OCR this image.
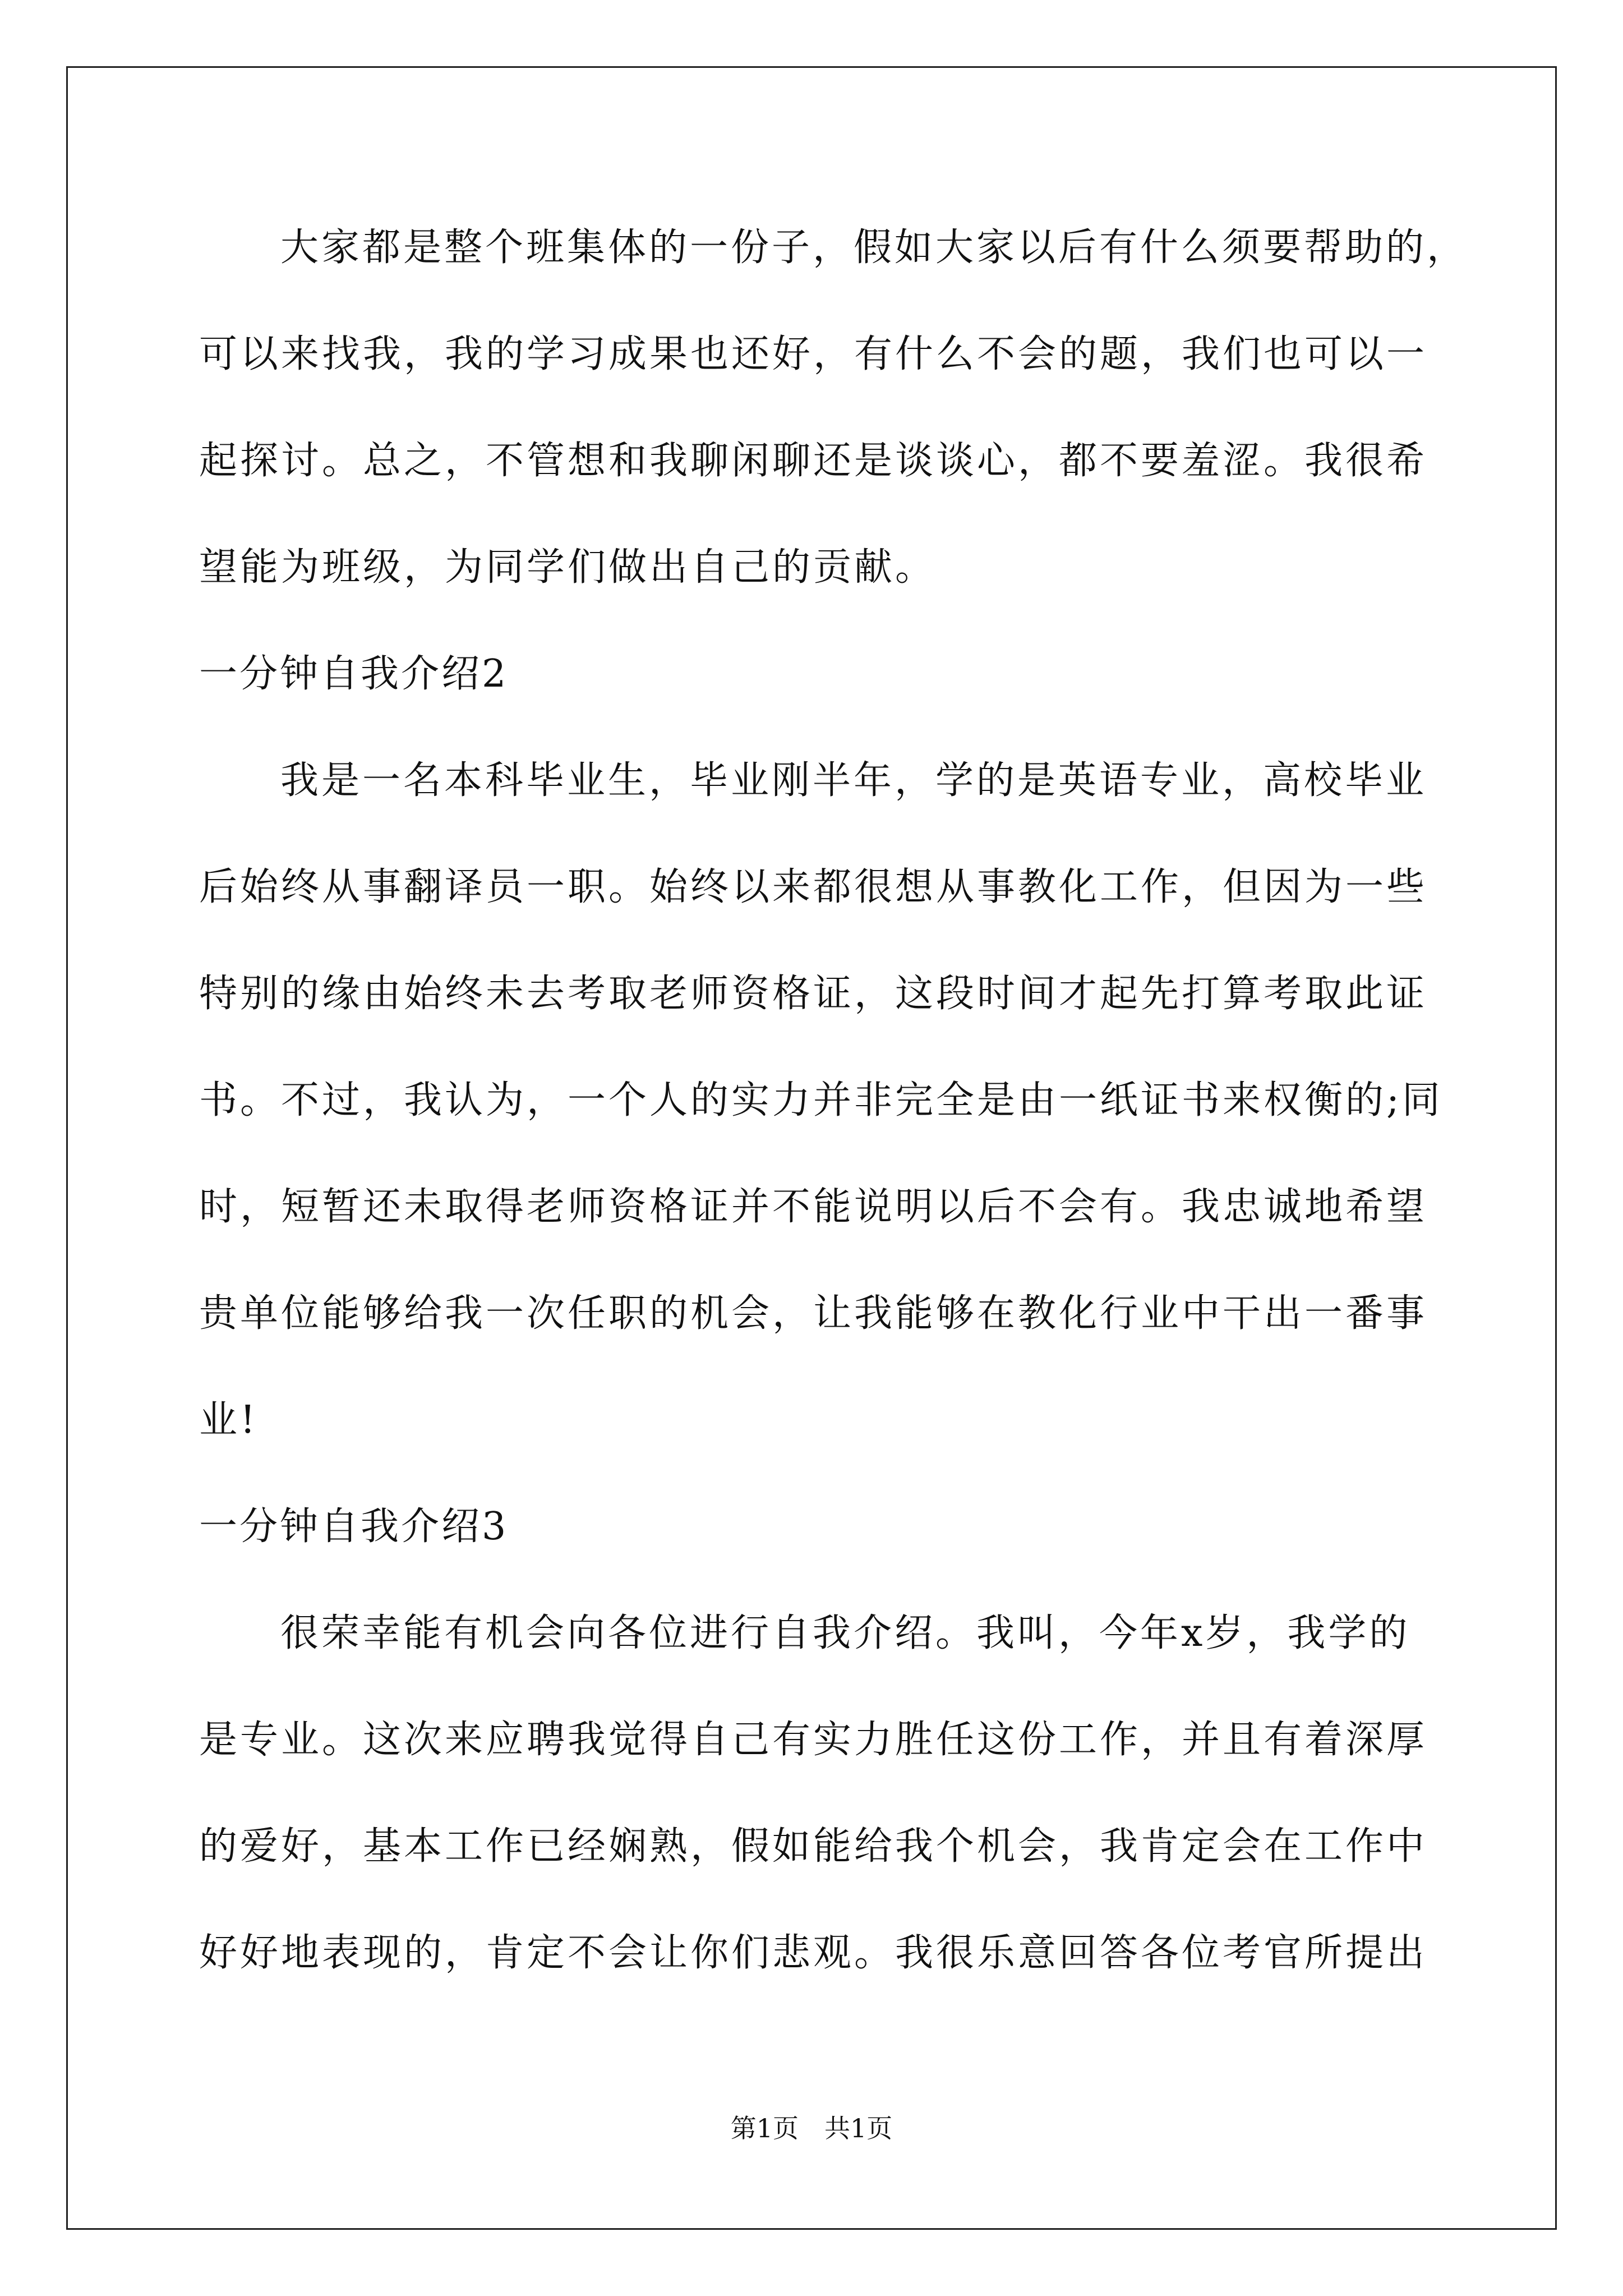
大家都是整个班集体的一份子，假如大家以后有什么须要帮助的，
可以来找我，我的学习成果也还好，有什么不会的题，我们也可以一
起探讨。总之，不管想和我聊闲聊还是谈谈心，都不要羞涩。我很希
望能为班级，为同学们做出自己的贡献。
一分钟自我介绍2
我是一名本科毕业生，毕业刚半年，学的是英语专业，高校毕业
后始终从事翻译员一职。始终以来都很想从事教化工作，但因为一些
特别的缘由始终未去考取老师资格证，这段时间才起先打算考取此证
书。不过，我认为，一个人的实力并非完全是由一纸证书来权衡的;同
时，短暂还未取得老师资格证并不能说明以后不会有。我忠诚地希望
贵单位能够给我一次任职的机会，让我能够在教化行业中干出一番事
业!
一分钟自我介绍3
很荣幸能有机会向各位进行自我介绍。我叫，今年x岁，我学的
是专业。这次来应聘我觉得自己有实力胜任这份工作，并且有着深厚
的爱好，基本工作已经娴熟，假如能给我个机会，我肯定会在工作中
好好地表现的，肯定不会让你们悲观。我很乐意回答各位考官所提出
第1页　共1页
